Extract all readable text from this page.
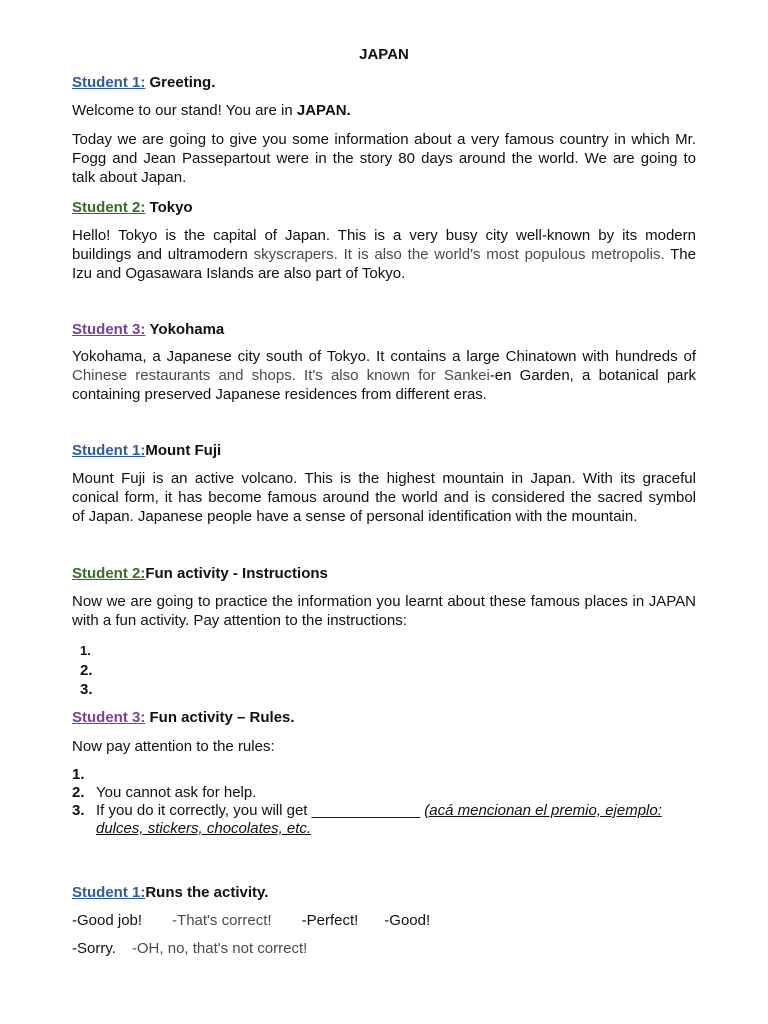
JAPAN
Student 1: Greeting.
Welcome to our stand! You are in JAPAN.
Today we are going to give you some information about a very famous country in which Mr.
Fogg and Jean Passepartout were in the story 80 days around the world. We are going to
talk about Japan.
Student 2: Tokyo
Hello! Tokyo is the capital of Japan. This is a very busy city well-known by its modern
buildings and ultramodern skyscrapers. It is also the world's most populous metropolis. The
Izu and Ogasawara Islands are also part of Tokyo.
Student 3: Yokohama
Yokohama, a Japanese city south of Tokyo. It contains a large Chinatown with hundreds of
Chinese restaurants and shops. It's also known for Sankei-en Garden, a botanical park
containing preserved Japanese residences from different eras.
Student 1:Mount Fuji
Mount Fuji is an active volcano. This is the highest mountain in Japan. With its graceful
conical form, it has become famous around the world and is considered the sacred symbol
of Japan. Japanese people have a sense of personal identification with the mountain.
Student 2:Fun activity - Instructions
Now we are going to practice the information you learnt about these famous places in JAPAN
with a fun activity. Pay attention to the instructions:
1.
2.
3.
Student 3: Fun activity – Rules.
Now pay attention to the rules:
1.
2. You cannot ask for help.
3. If you do it correctly, you will get _____________ (acá mencionan el premio, ejemplo:
dulces, stickers, chocolates, etc.
Student 1:Runs the activity.
-Good job! -That's correct! -Perfect! -Good!
-Sorry. -OH, no, that's not correct!
